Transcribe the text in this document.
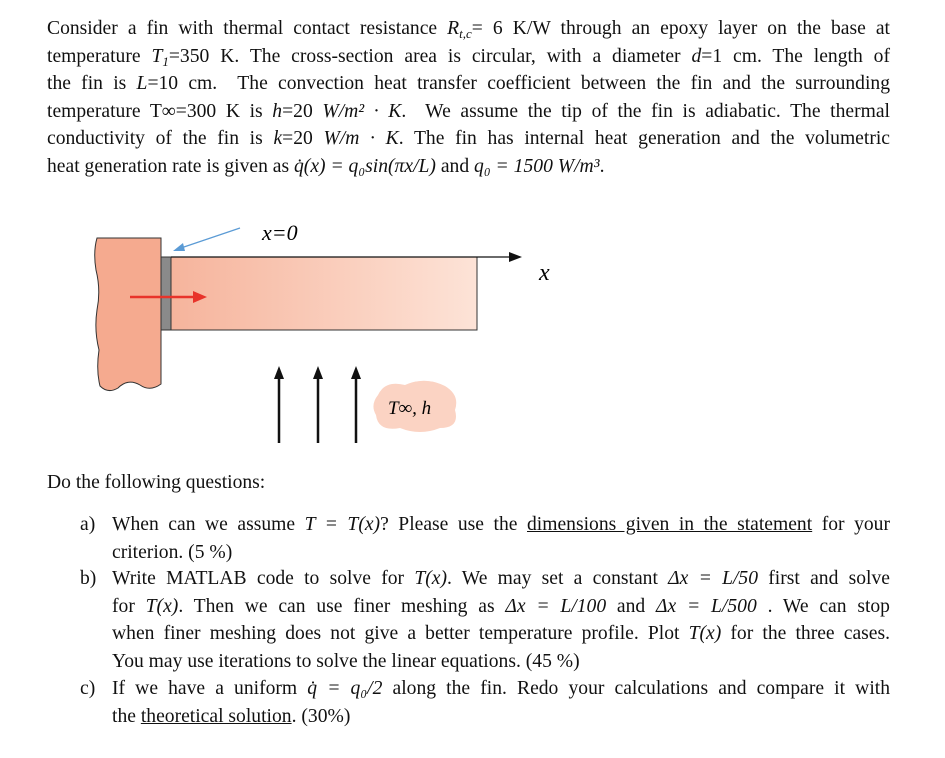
Consider a fin with thermal contact resistance $R_{t,c}= 6$ K/W through an epoxy layer on the base at
temperature $T_1=350$ K. The cross-section area is circular, with a diameter d=1 cm. The length of
the fin is L=10 cm.  The convection heat transfer coefficient between the fin and the surrounding
temperature T∞=300 K is h=20 W/m² · K.  We assume the tip of the fin is adiabatic. The thermal
conductivity of the fin is k=20 W/m · K. The fin has internal heat generation and the volumetric
heat generation rate is given as q̇(x) = q₀sin(πx/L) and q₀ = 1500 W/m³.
x=0
x
T∞, h
Do the following questions:
a) When can we assume T = T(x)? Please use the dimensions given in the statement for your
criterion. (5 %)
b) Write MATLAB code to solve for T(x). We may set a constant Δx = L/50 first and solve
for T(x). Then we can use finer meshing as Δx = L/100 and Δx = L/500 . We can stop
when finer meshing does not give a better temperature profile. Plot T(x) for the three cases.
You may use iterations to solve the linear equations. (45 %)
c) If we have a uniform q̇ = q₀/2 along the fin. Redo your calculations and compare it with
the theoretical solution. (30%)
